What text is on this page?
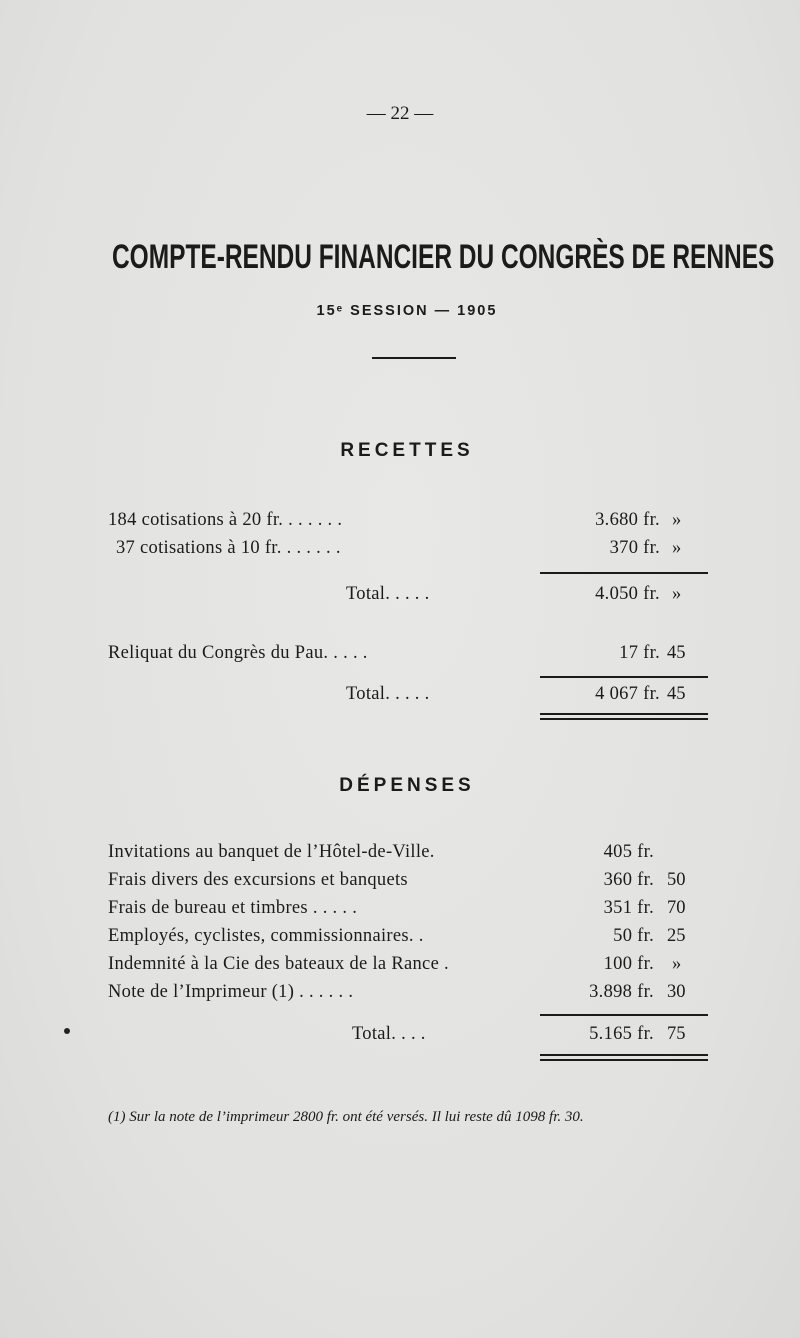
— 22 —
COMPTE-RENDU FINANCIER DU CONGRÈS DE RENNES
15ᵉ SESSION — 1905
RECETTES
184 cotisations à 20 fr. . . . . . .	3.680 fr. »
37 cotisations à 10 fr. . . . . . .	370 fr. »
Total. . . . .	4.050 fr. »
Reliquat du Congrès du Pau. . . . .	17 fr. 45
Total. . . . .	4 067 fr. 45
DÉPENSES
Invitations au banquet de l’Hôtel-de-Ville.	405 fr.
Frais divers des excursions et banquets	360 fr. 50
Frais de bureau et timbres . . . . .	351 fr. 70
Employés, cyclistes, commissionnaires. .	50 fr. 25
Indemnité à la Cie des bateaux de la Rance .	100 fr. »
Note de l’Imprimeur (1) . . . . . .	3.898 fr. 30
Total. . . .	5.165 fr. 75
(1) Sur la note de l’imprimeur 2800 fr. ont été versés. Il lui reste dû 1098 fr. 30.
